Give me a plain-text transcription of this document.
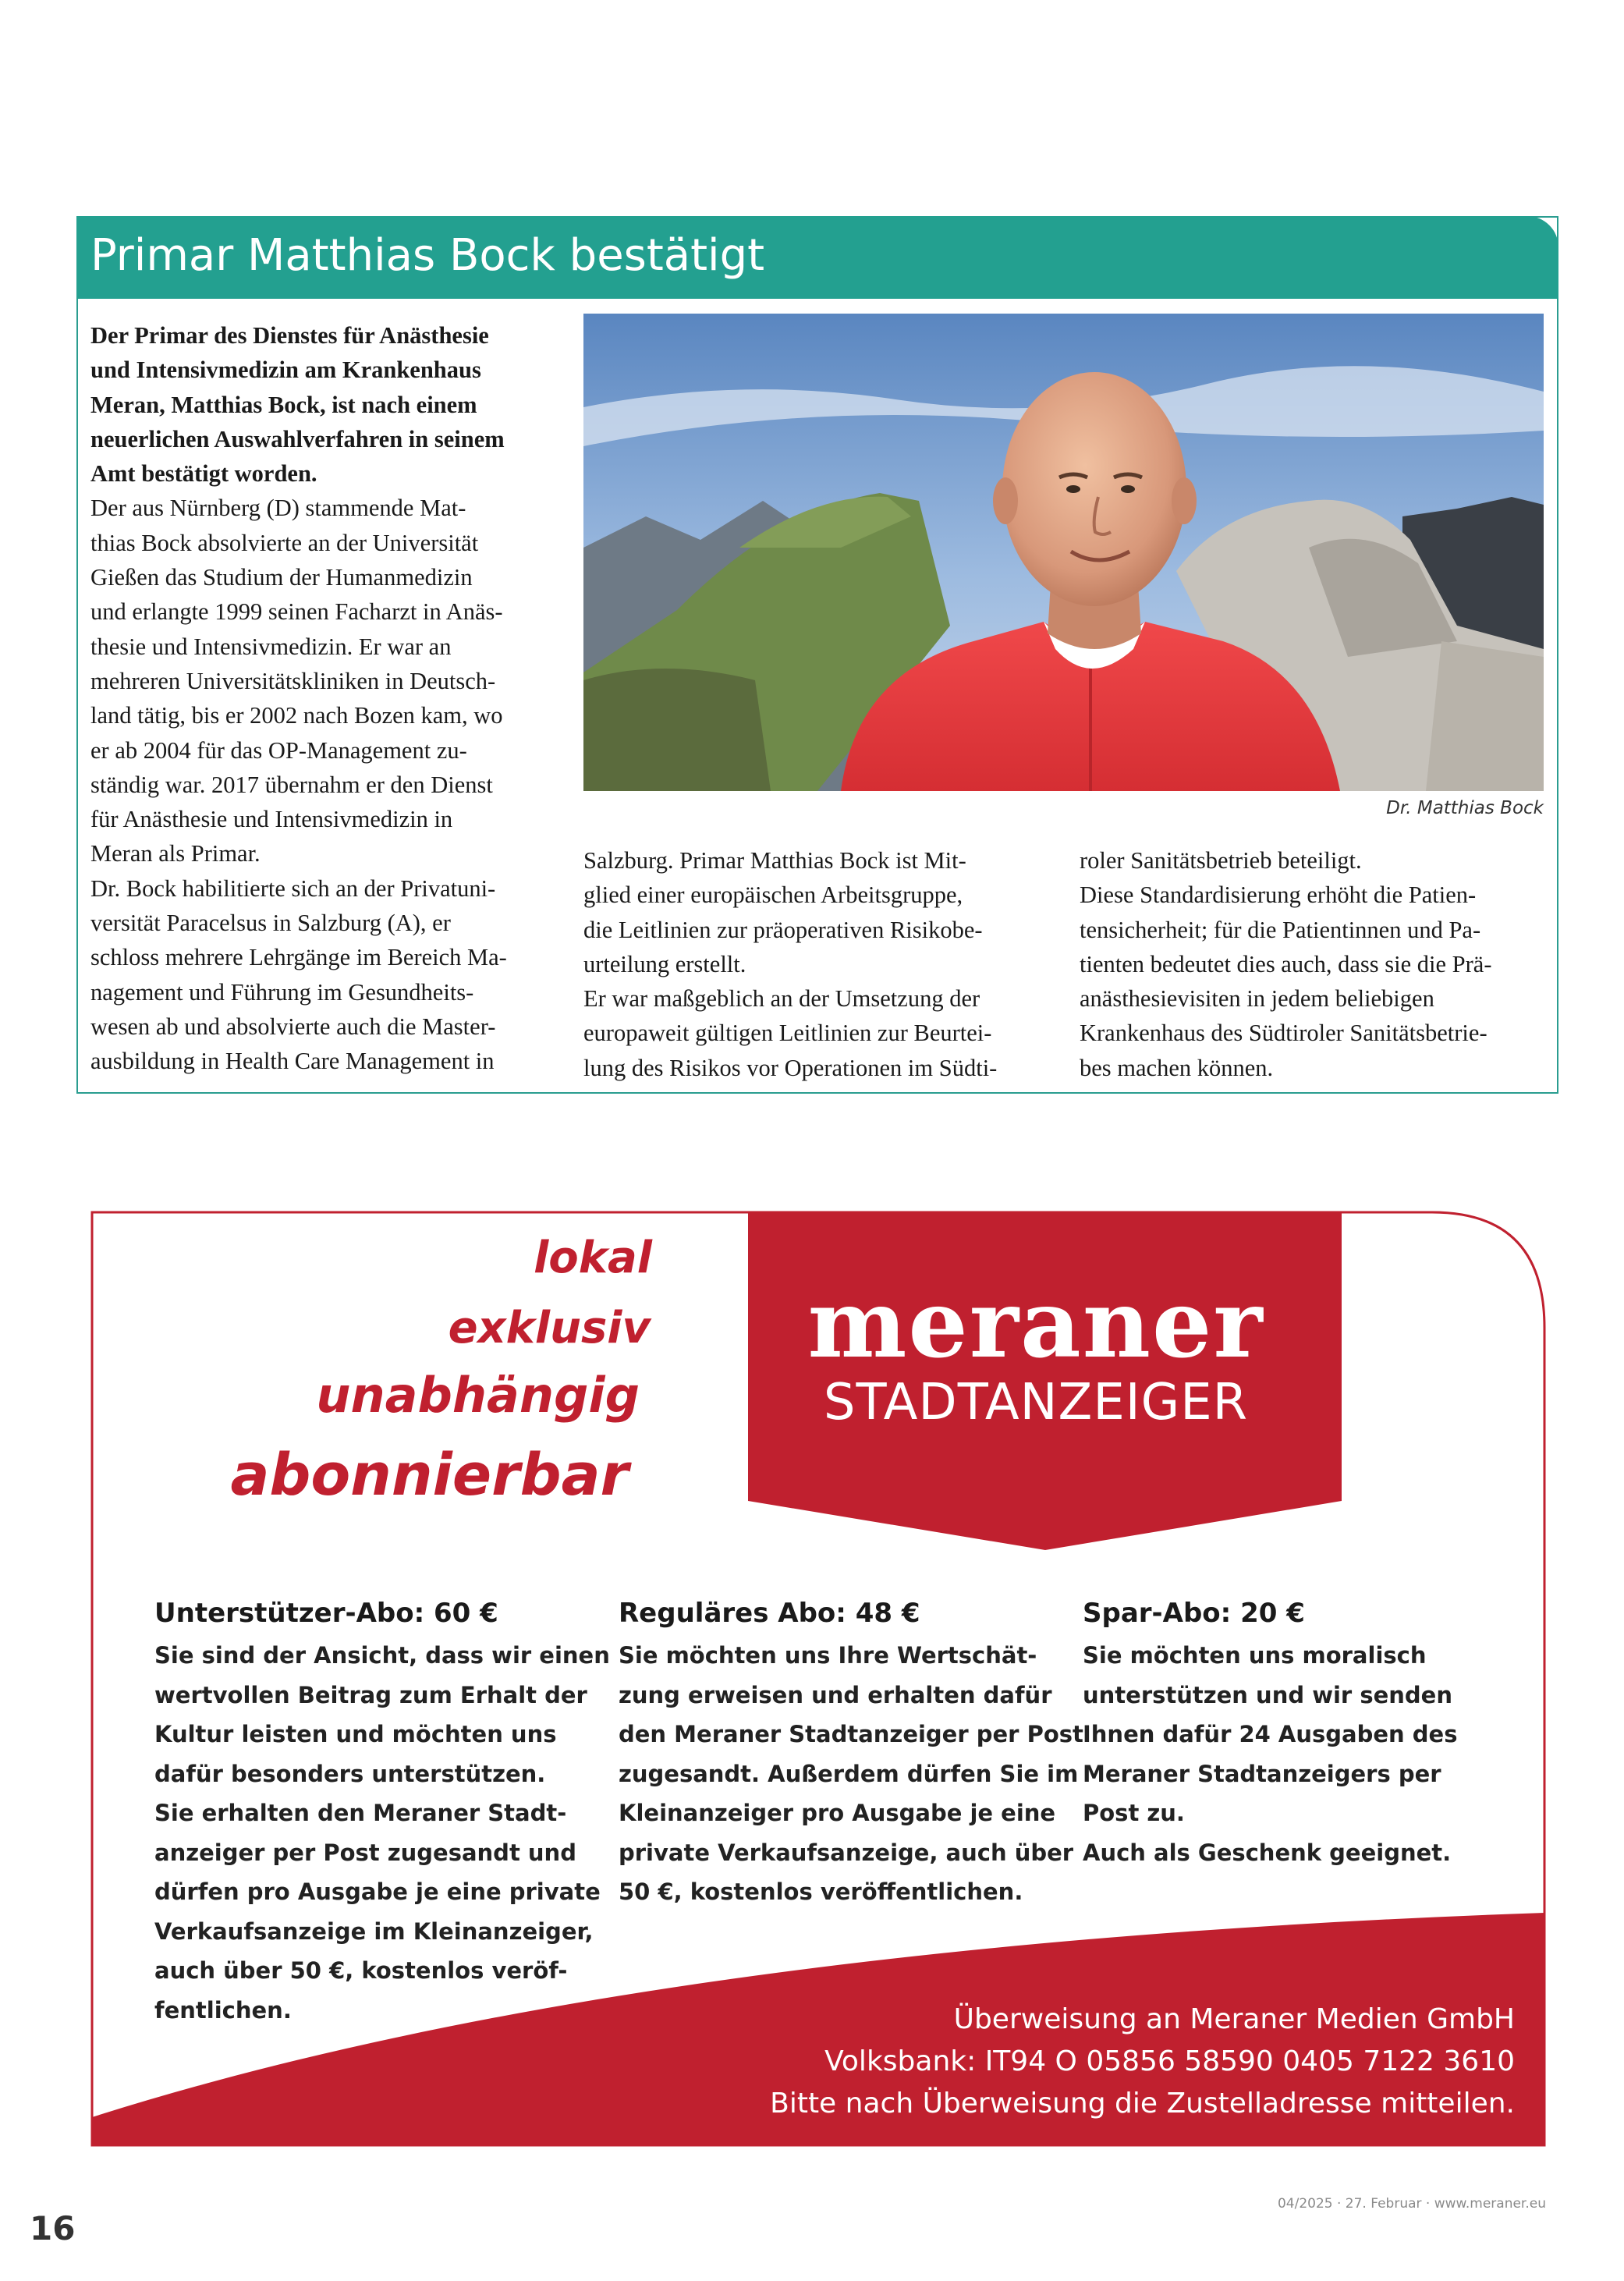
Primar Matthias Bock bestätigt
Der Primar des Dienstes für Anästhesie
und Intensivmedizin am Krankenhaus
Meran, Matthias Bock, ist nach einem
neuerlichen Auswahlverfahren in seinem
Amt bestätigt worden.
Der aus Nürnberg (D) stammende Mat-
thias Bock absolvierte an der Universität
Gießen das Studium der Humanmedizin
und erlangte 1999 seinen Facharzt in Anäs-
thesie und Intensivmedizin. Er war an
mehreren Universitätskliniken in Deutsch-
land tätig, bis er 2002 nach Bozen kam, wo
er ab 2004 für das OP-Management zu-
ständig war. 2017 übernahm er den Dienst
für Anästhesie und Intensivmedizin in
Meran als Primar.
Dr. Bock habilitierte sich an der Privatuni-
versität Paracelsus in Salzburg (A), er
schloss mehrere Lehrgänge im Bereich Ma-
nagement und Führung im Gesundheits-
wesen ab und absolvierte auch die Master-
ausbildung in Health Care Management in
Salzburg. Primar Matthias Bock ist Mit-
glied einer europäischen Arbeitsgruppe,
die Leitlinien zur präoperativen Risikobe-
urteilung erstellt.
Er war maßgeblich an der Umsetzung der
europaweit gültigen Leitlinien zur Beurtei-
lung des Risikos vor Operationen im Südti-
roler Sanitätsbetrieb beteiligt.
Diese Standardisierung erhöht die Patien-
tensicherheit; für die Patientinnen und Pa-
tienten bedeutet dies auch, dass sie die Prä-
anästhesievisiten in jedem beliebigen
Krankenhaus des Südtiroler Sanitätsbetrie-
bes machen können.
Dr. Matthias Bock
lokal
exklusiv
unabhängig
abonnierbar
meraner
STADTANZEIGER
Unterstützer-Abo: 60 €
Sie sind der Ansicht, dass wir einen
wertvollen Beitrag zum Erhalt der
Kultur leisten und möchten uns
dafür besonders unterstützen.
Sie erhalten den Meraner Stadt-
anzeiger per Post zugesandt und
dürfen pro Ausgabe je eine private
Verkaufsanzeige im Kleinanzeiger,
auch über 50 €, kostenlos veröf-
fentlichen.
Reguläres Abo: 48 €
Sie möchten uns Ihre Wertschät-
zung erweisen und erhalten dafür
den Meraner Stadtanzeiger per Post
zugesandt. Außerdem dürfen Sie im
Kleinanzeiger pro Ausgabe je eine
private Verkaufsanzeige, auch über
50 €, kostenlos veröffentlichen.
Spar-Abo: 20 €
Sie möchten uns moralisch
unterstützen und wir senden
Ihnen dafür 24 Ausgaben des
Meraner Stadtanzeigers per
Post zu.
Auch als Geschenk geeignet.
Überweisung an Meraner Medien GmbH
Volksbank: IT94 O 05856 58590 0405 7122 3610
Bitte nach Überweisung die Zustelladresse mitteilen.
16
04/2025 · 27. Februar · www.meraner.eu
